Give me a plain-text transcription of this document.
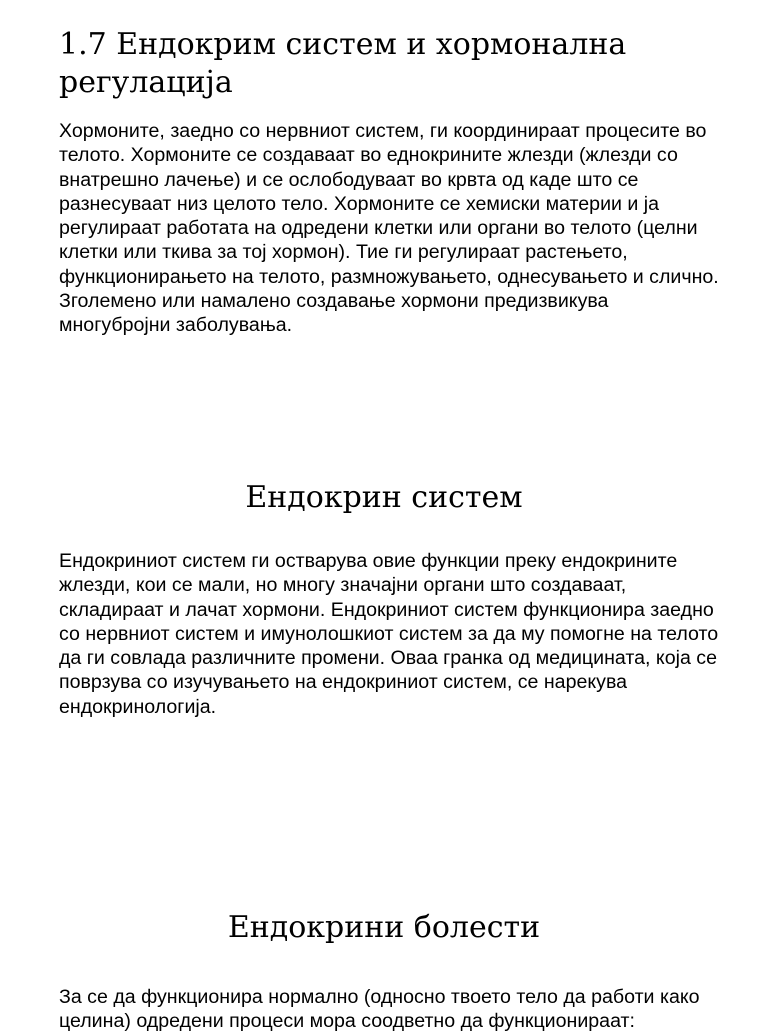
1.7 Ендокрим систем и хормонална регулација

Хормоните, заедно со нервниот систем, ги координираат процесите во телото. Хормоните се создаваат во еднокрините жлезди (жлезди со внатрешно лачење) и се ослободуваат во крвта од каде што се разнесуваат низ целото тело. Хормоните се хемиски материи и ја регулираат работата на одредени клетки или органи во телото (целни клетки или ткива за тој хормон). Тие ги регулираат растењето, функционирањето на телото, размножувањето, однесувањето и слично. Зголемено или намалено создавање хормони предизвикува многубројни заболувања.

Ендокрин систем

Ендокриниот систем ги остварува овие функции преку ендокрините жлезди, кои се мали, но многу значајни органи што создаваат, складираат и лачат хормони. Ендокриниот систем функционира заедно со нервниот систем и имунолошкиот систем за да му помогне на телото да ги совлада различните промени. Оваа гранка од медицината, која се поврзува со изучувањето на ендокриниот систем, се нарекува ендокринологија.

Ендокрини болести

За се да функционира нормално (односно твоето тело да работи како целина) одредени процеси мора соодветно да функционираат:
